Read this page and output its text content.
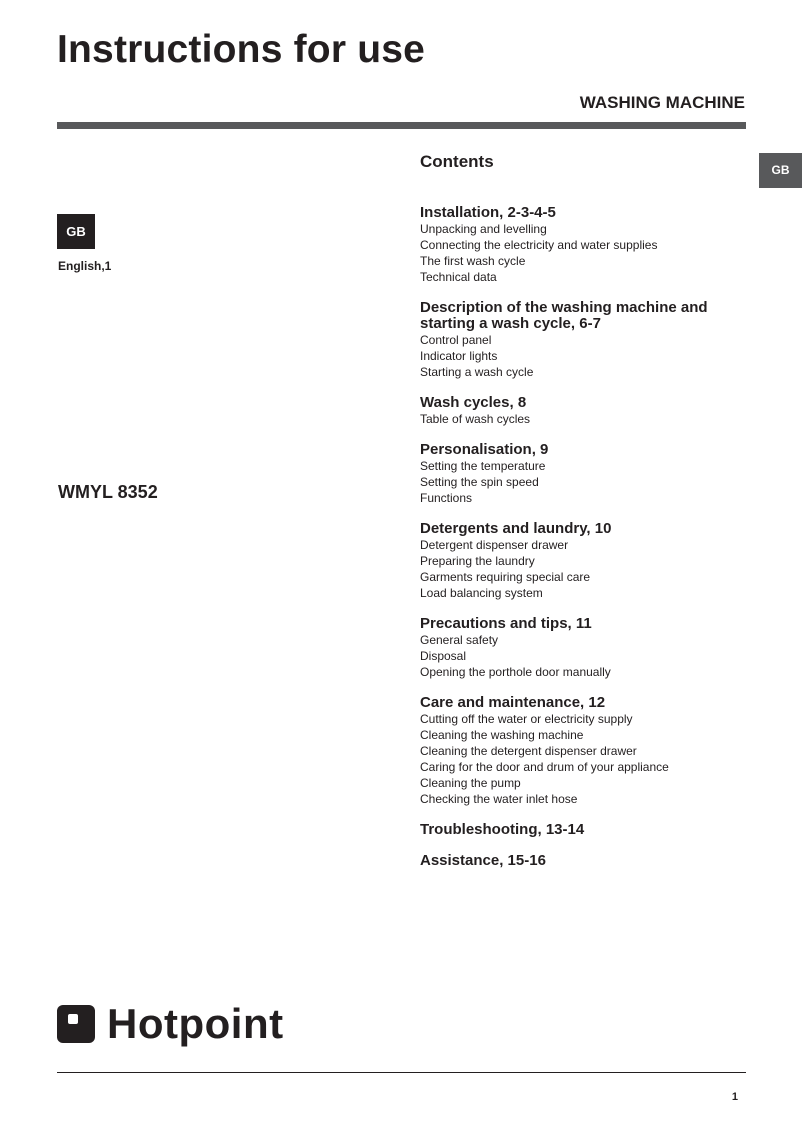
Instructions for use
WASHING MACHINE
GB
GB
English,1
WMYL 8352
Contents
Installation, 2-3-4-5
Unpacking and levelling
Connecting the electricity and water supplies
The first wash cycle
Technical data
Description of the washing machine and starting a wash cycle, 6-7
Control panel
Indicator lights
Starting a wash cycle
Wash cycles, 8
Table of wash cycles
Personalisation, 9
Setting the temperature
Setting the spin speed
Functions
Detergents and laundry, 10
Detergent dispenser drawer
Preparing the laundry
Garments requiring special care
Load balancing system
Precautions and tips, 11
General safety
Disposal
Opening the porthole door manually
Care and maintenance, 12
Cutting off the water or electricity supply
Cleaning the washing machine
Cleaning the detergent dispenser drawer
Caring for the door and drum of your appliance
Cleaning the pump
Checking the water inlet hose
Troubleshooting, 13-14
Assistance, 15-16
Hotpoint
1
